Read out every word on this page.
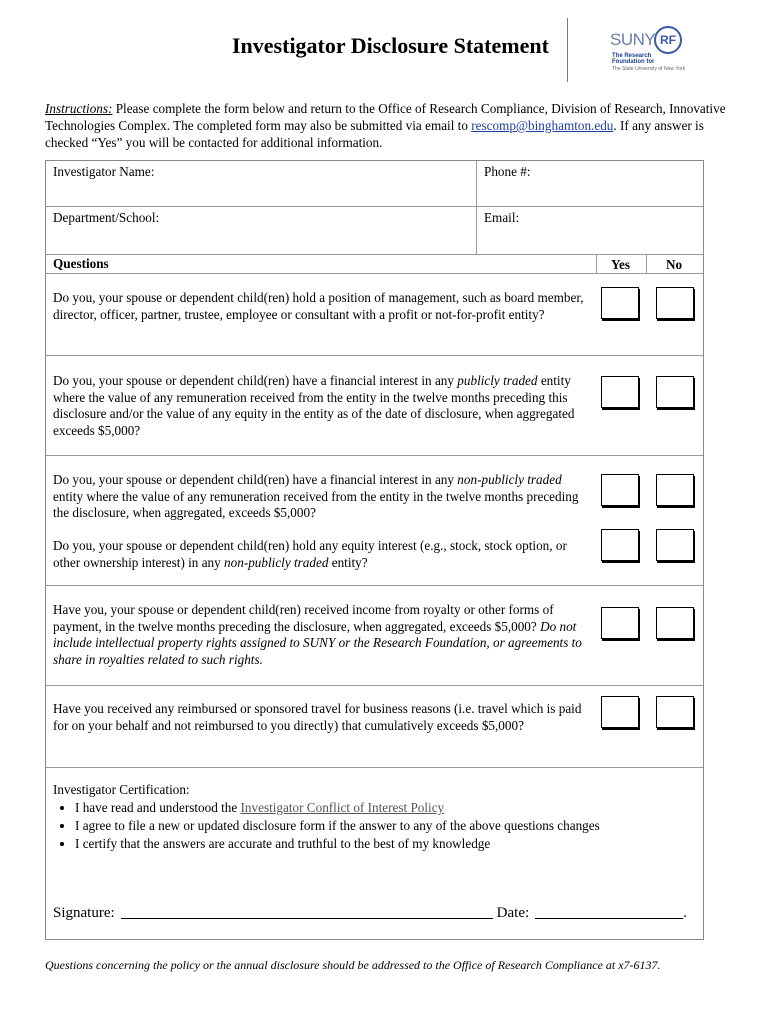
Investigator Disclosure Statement	SUNY RF
The Research
Foundation for
The State University of New York
Instructions: Please complete the form below and return to the Office of Research Compliance, Division of Research, Innovative Technologies Complex. The completed form may also be submitted via email to rescomp@binghamton.edu. If any answer is checked “Yes” you will be contacted for additional information.
Investigator Name:	Phone #:
Department/School:	Email:
Questions	Yes	No
Do you, your spouse or dependent child(ren) hold a position of management, such as board member, director, officer, partner, trustee, employee or consultant with a profit or not-for-profit entity?
Do you, your spouse or dependent child(ren) have a financial interest in any publicly traded entity where the value of any remuneration received from the entity in the twelve months preceding this disclosure and/or the value of any equity in the entity as of the date of disclosure, when aggregated exceeds $5,000?
Do you, your spouse or dependent child(ren) have a financial interest in any non-publicly traded entity where the value of any remuneration received from the entity in the twelve months preceding the disclosure, when aggregated, exceeds $5,000?
Do you, your spouse or dependent child(ren) hold any equity interest (e.g., stock, stock option, or other ownership interest) in any non-publicly traded entity?
Have you, your spouse or dependent child(ren) received income from royalty or other forms of payment, in the twelve months preceding the disclosure, when aggregated, exceeds $5,000? Do not include intellectual property rights assigned to SUNY or the Research Foundation, or agreements to share in royalties related to such rights.
Have you received any reimbursed or sponsored travel for business reasons (i.e. travel which is paid for on your behalf and not reimbursed to you directly) that cumulatively exceeds $5,000?
Investigator Certification:
• I have read and understood the Investigator Conflict of Interest Policy
• I agree to file a new or updated disclosure form if the answer to any of the above questions changes
• I certify that the answers are accurate and truthful to the best of my knowledge
Signature:	Date:	.
Questions concerning the policy or the annual disclosure should be addressed to the Office of Research Compliance at x7-6137.
